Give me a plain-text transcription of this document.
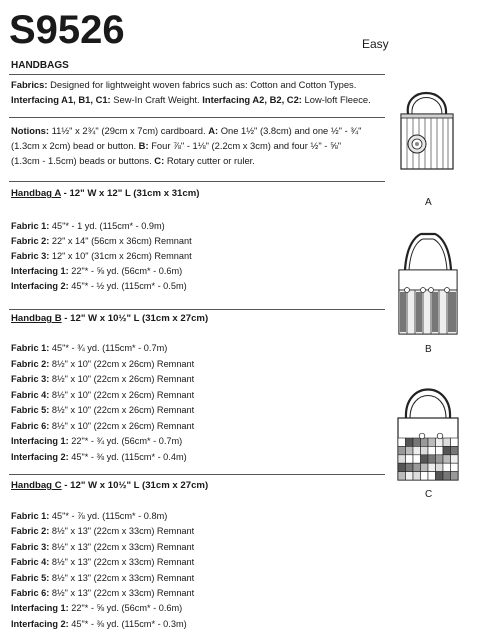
S9526	Easy
HANDBAGS
Fabrics: Designed for lightweight woven fabrics such as: Cotton and Cotton Types.
Interfacing A1, B1, C1: Sew-In Craft Weight. Interfacing A2, B2, C2: Low-loft Fleece.
Notions: 11½" x 2¾" (29cm x 7cm) cardboard. A: One 1½" (3.8cm) and one ½" - ¾"
(1.3cm x 2cm) bead or button. B: Four ⅞" - 1⅛" (2.2cm x 3cm) and four ½" - ⅝"
(1.3cm - 1.5cm) beads or buttons. C: Rotary cutter or ruler.
Handbag A - 12" W x 12" L (31cm x 31cm)
Fabric 1: 45"* - 1 yd. (115cm* - 0.9m)
Fabric 2: 22" x 14" (56cm x 36cm) Remnant
Fabric 3: 12" x 10" (31cm x 26cm) Remnant
Interfacing 1: 22"* - ⅝ yd. (56cm* - 0.6m)
Interfacing 2: 45"* - ½ yd. (115cm* - 0.5m)
Handbag B - 12" W x 10½" L (31cm x 27cm)
Fabric 1: 45"* - ¾ yd. (115cm* - 0.7m)
Fabric 2: 8½" x 10" (22cm x 26cm) Remnant
Fabric 3: 8½" x 10" (22cm x 26cm) Remnant
Fabric 4: 8½" x 10" (22cm x 26cm) Remnant
Fabric 5: 8½" x 10" (22cm x 26cm) Remnant
Fabric 6: 8½" x 10" (22cm x 26cm) Remnant
Interfacing 1: 22"* - ¾ yd. (56cm* - 0.7m)
Interfacing 2: 45"* - ⅜ yd. (115cm* - 0.4m)
Handbag C - 12" W x 10½" L (31cm x 27cm)
Fabric 1: 45"* - ⅞ yd. (115cm* - 0.8m)
Fabric 2: 8½" x 13" (22cm x 33cm) Remnant
Fabric 3: 8½" x 13" (22cm x 33cm) Remnant
Fabric 4: 8½" x 13" (22cm x 33cm) Remnant
Fabric 5: 8½" x 13" (22cm x 33cm) Remnant
Fabric 6: 8½" x 13" (22cm x 33cm) Remnant
Interfacing 1: 22"* - ⅝ yd. (56cm* - 0.6m)
Interfacing 2: 45"* - ⅜ yd. (115cm* - 0.3m)
A
B
C
